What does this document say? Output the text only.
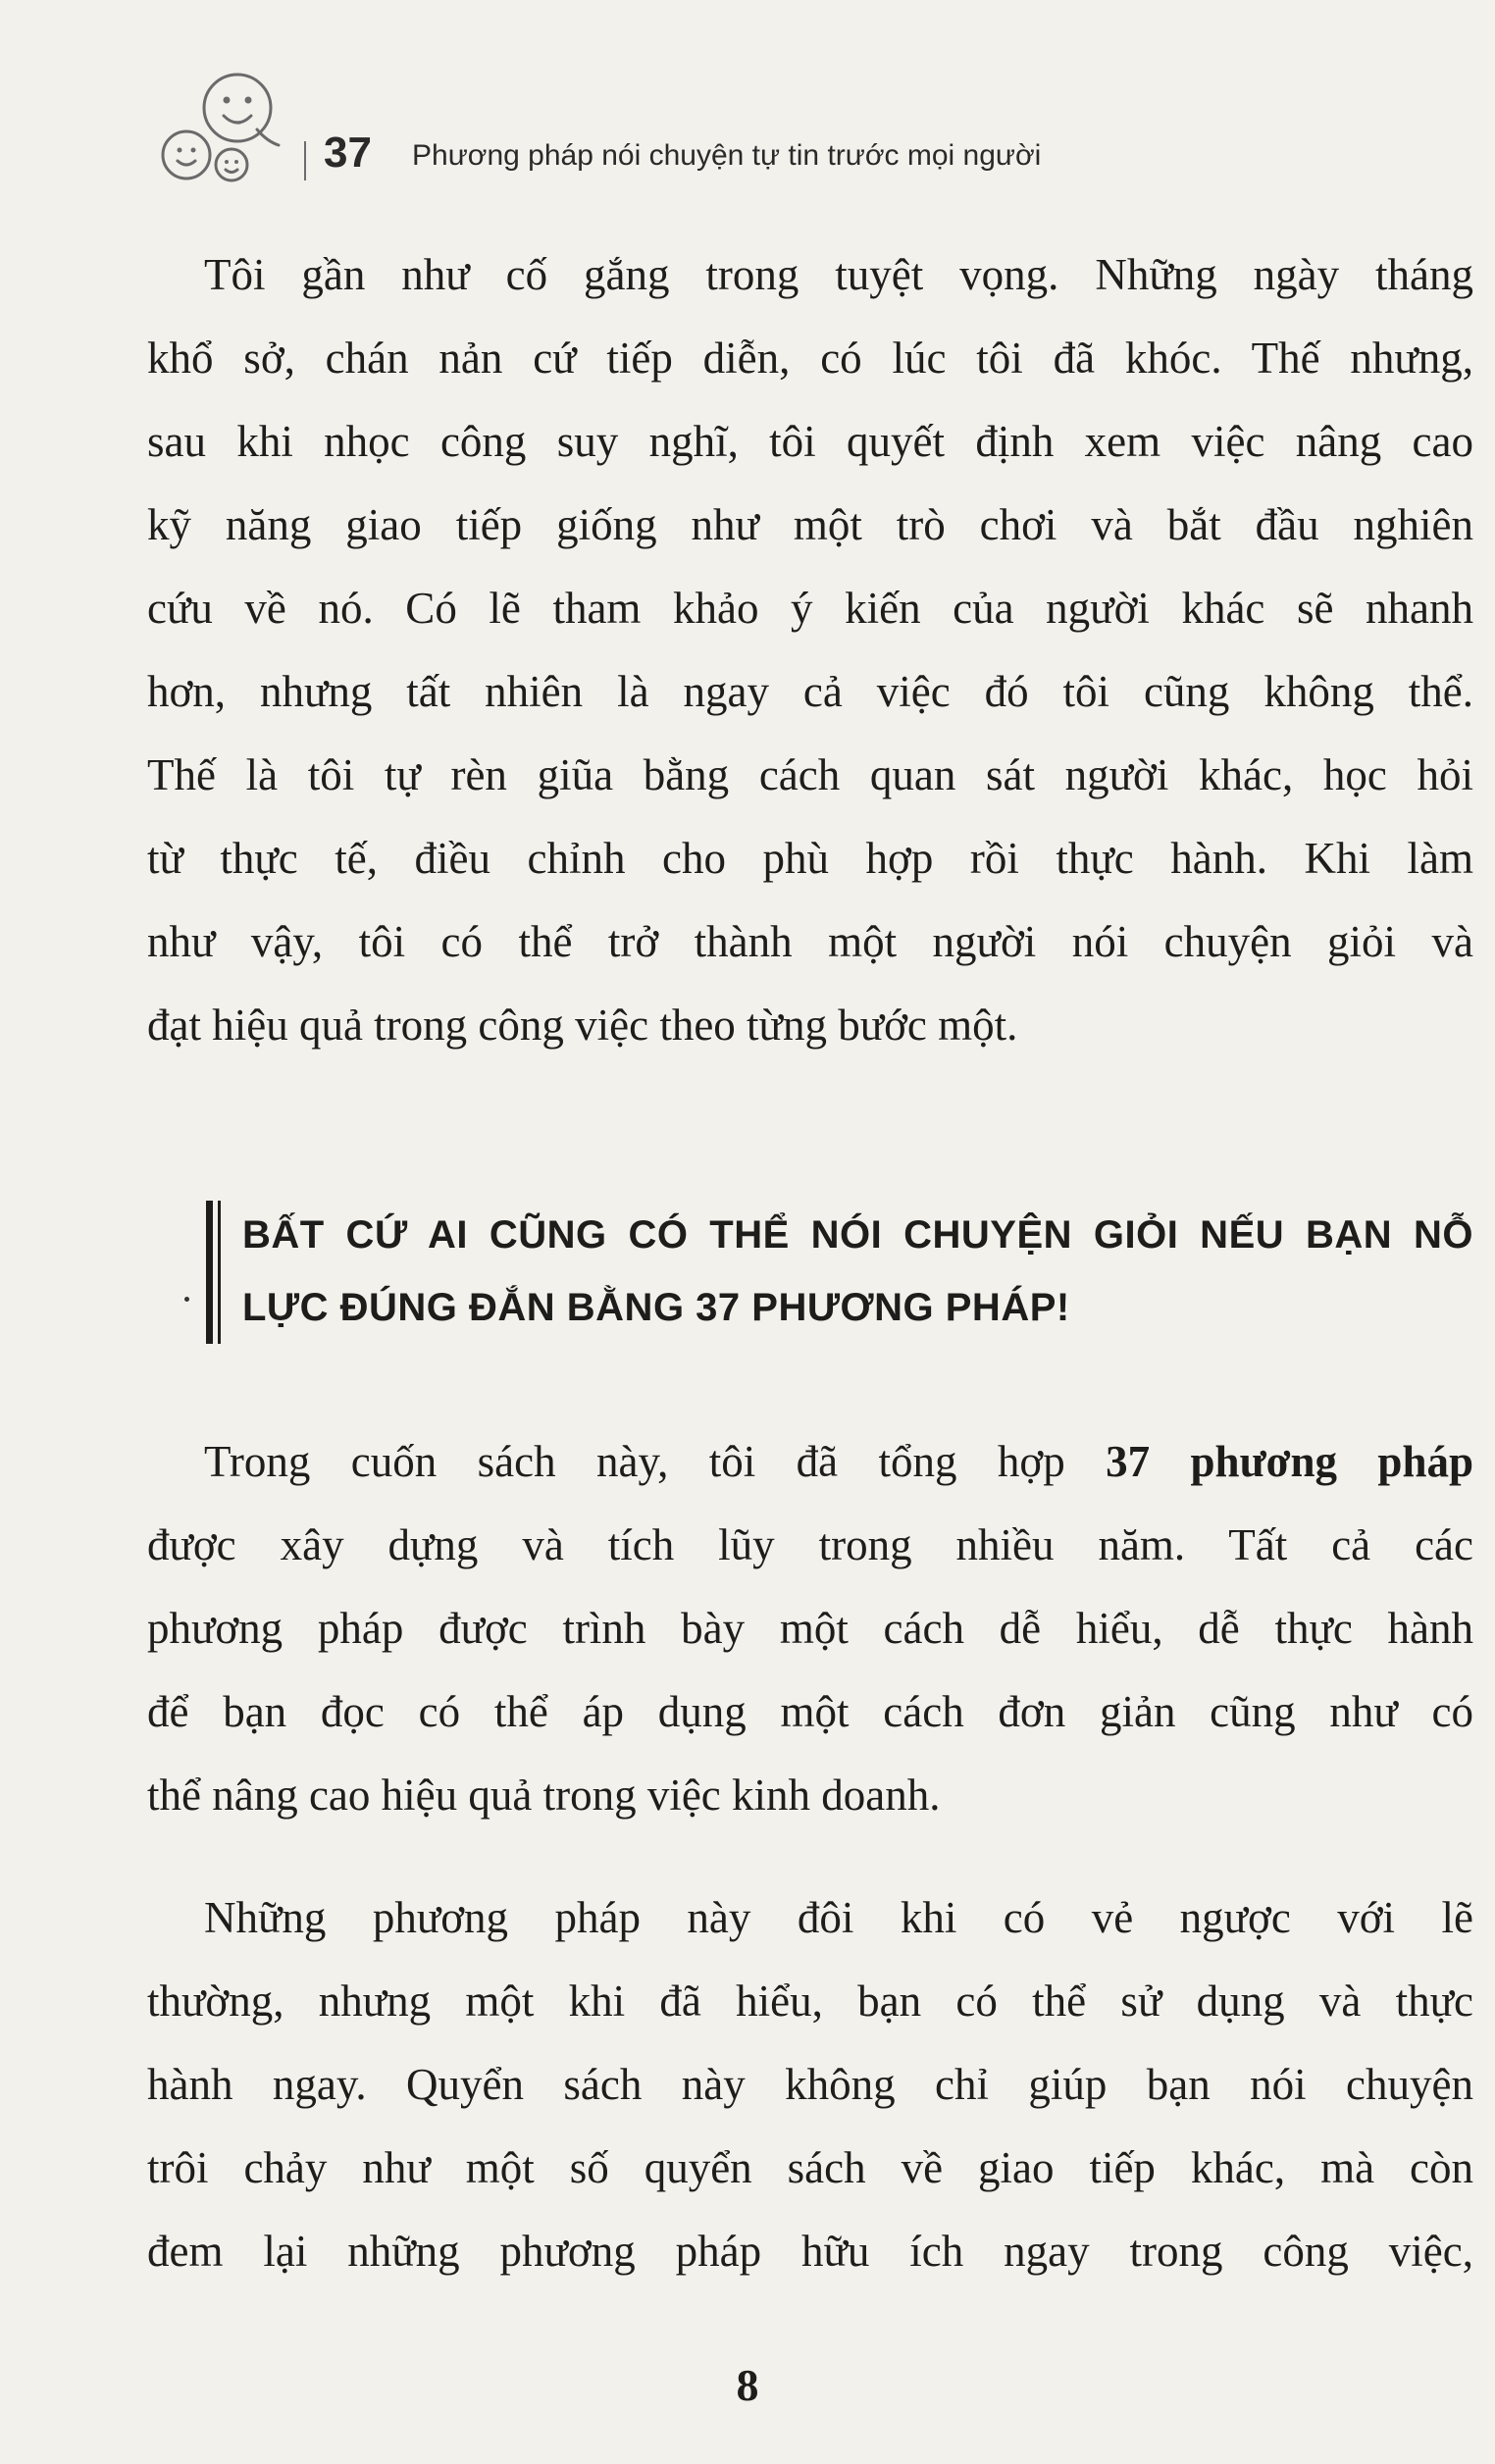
37 Phương pháp nói chuyện tự tin trước mọi người

Tôi gần như cố gắng trong tuyệt vọng. Những ngày tháng
khổ sở, chán nản cứ tiếp diễn, có lúc tôi đã khóc. Thế nhưng,
sau khi nhọc công suy nghĩ, tôi quyết định xem việc nâng cao
kỹ năng giao tiếp giống như một trò chơi và bắt đầu nghiên
cứu về nó. Có lẽ tham khảo ý kiến của người khác sẽ nhanh
hơn, nhưng tất nhiên là ngay cả việc đó tôi cũng không thể.
Thế là tôi tự rèn giũa bằng cách quan sát người khác, học hỏi
từ thực tế, điều chỉnh cho phù hợp rồi thực hành. Khi làm
như vậy, tôi có thể trở thành một người nói chuyện giỏi và
đạt hiệu quả trong công việc theo từng bước một.

BẤT CỨ AI CŨNG CÓ THỂ NÓI CHUYỆN GIỎI NẾU BẠN NỖ
LỰC ĐÚNG ĐẮN BẰNG 37 PHƯƠNG PHÁP!

Trong cuốn sách này, tôi đã tổng hợp 37 phương pháp
được xây dựng và tích lũy trong nhiều năm. Tất cả các
phương pháp được trình bày một cách dễ hiểu, dễ thực hành
để bạn đọc có thể áp dụng một cách đơn giản cũng như có
thể nâng cao hiệu quả trong việc kinh doanh.

Những phương pháp này đôi khi có vẻ ngược với lẽ
thường, nhưng một khi đã hiểu, bạn có thể sử dụng và thực
hành ngay. Quyển sách này không chỉ giúp bạn nói chuyện
trôi chảy như một số quyển sách về giao tiếp khác, mà còn
đem lại những phương pháp hữu ích ngay trong công việc,

8
